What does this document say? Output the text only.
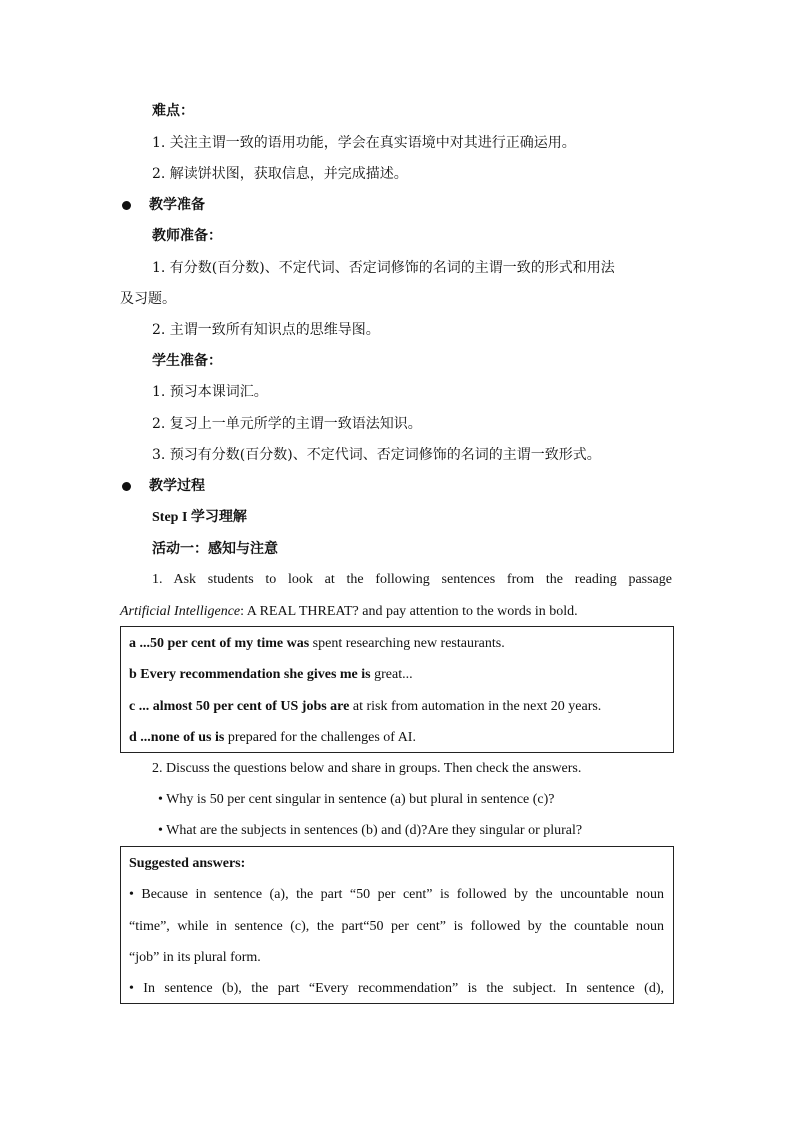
难点：
1. 关注主谓一致的语用功能，学会在真实语境中对其进行正确运用。
2. 解读饼状图，获取信息，并完成描述。
教学准备
教师准备：
1. 有分数(百分数)、不定代词、否定词修饰的名词的主谓一致的形式和用法
及习题。
2. 主谓一致所有知识点的思维导图。
学生准备：
1. 预习本课词汇。
2. 复习上一单元所学的主谓一致语法知识。
3. 预习有分数(百分数)、不定代词、否定词修饰的名词的主谓一致形式。
教学过程
Step I 学习理解
活动一：感知与注意
1. Ask students to look at the following sentences from the reading passage
Artificial Intelligence: A REAL THREAT? and pay attention to the words in bold.
a ...50 per cent of my time was spent researching new restaurants.
b Every recommendation she gives me is great...
c ... almost 50 per cent of US jobs are at risk from automation in the next 20 years.
d ...none of us is prepared for the challenges of AI.
2. Discuss the questions below and share in groups. Then check the answers.
• Why is 50 per cent singular in sentence (a) but plural in sentence (c)?
• What are the subjects in sentences (b) and (d)?Are they singular or plural?
Suggested answers:
• Because in sentence (a), the part “50 per cent” is followed by the uncountable noun
“time”, while in sentence (c), the part“50 per cent” is followed by the countable noun
“job” in its plural form.
• In sentence (b), the part “Every recommendation” is the subject. In sentence (d),
